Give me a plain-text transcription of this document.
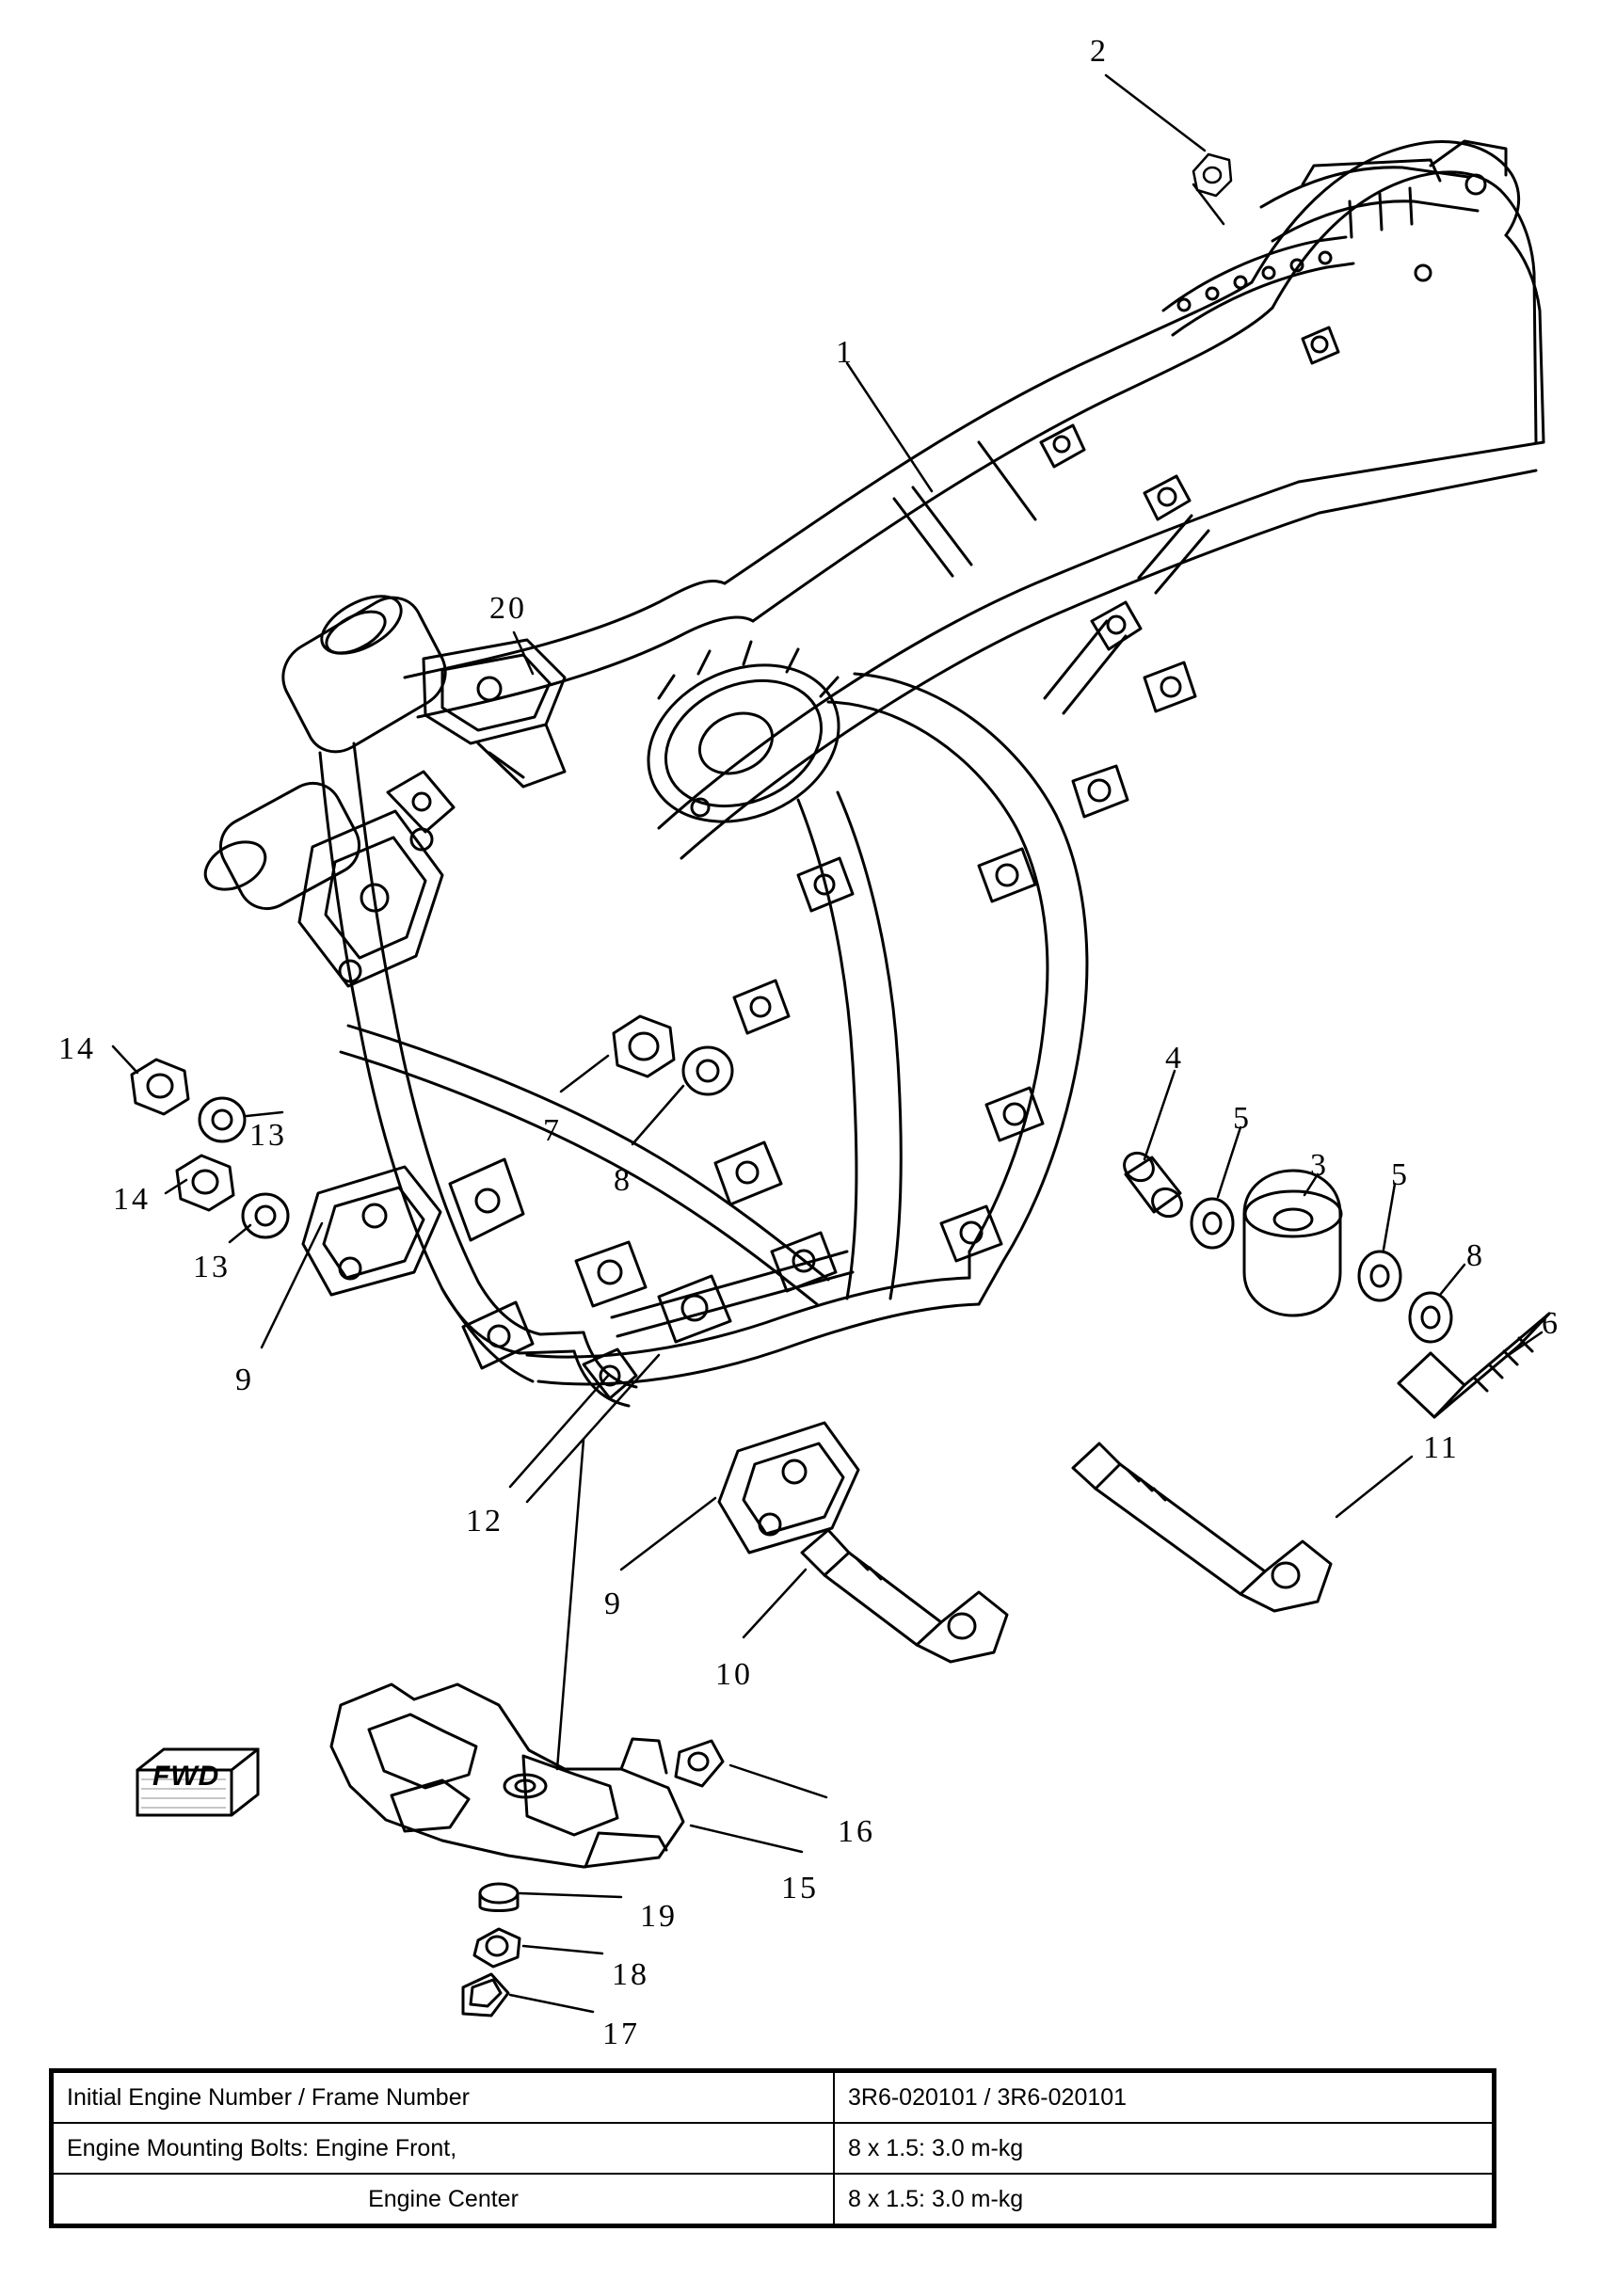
FWD
2
1
20
14
13
14
13
7
8
9
4
5
3 5
8
6
11
12
9
10
16
15
19
18
17
Initial Engine Number / Frame Number	3R6-020101 / 3R6-020101
Engine Mounting Bolts: Engine Front,	8 x 1.5: 3.0 m-kg
Engine Center	8 x 1.5: 3.0 m-kg
